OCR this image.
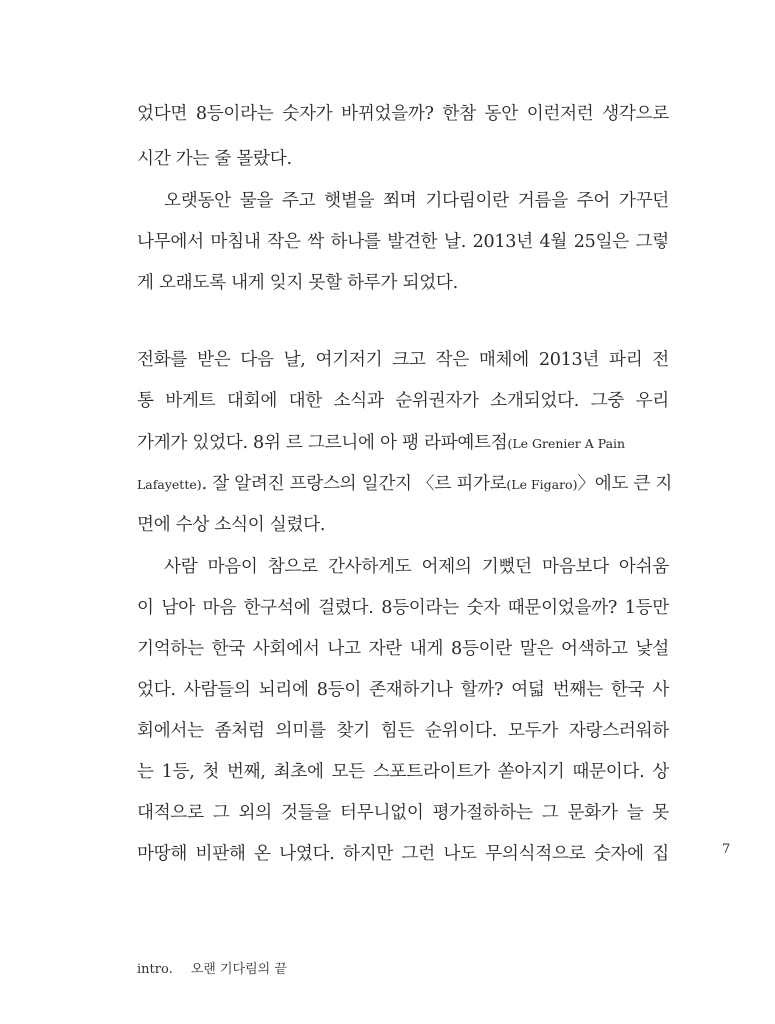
었다면 8등이라는 숫자가 바뀌었을까? 한참 동안 이런저런 생각으로
시간 가는 줄 몰랐다.
오랫동안 물을 주고 햇볕을 쬐며 기다림이란 거름을 주어 가꾸던
나무에서 마침내 작은 싹 하나를 발견한 날. 2013년 4월 25일은 그렇
게 오래도록 내게 잊지 못할 하루가 되었다.
전화를 받은 다음 날, 여기저기 크고 작은 매체에 2013년 파리 전
통 바게트 대회에 대한 소식과 순위권자가 소개되었다. 그중 우리
가게가 있었다. 8위 르 그르니에 아 팽 라파예트점(Le Grenier A Pain
Lafayette). 잘 알려진 프랑스의 일간지 〈르 피가로(Le Figaro)〉에도 큰 지
면에 수상 소식이 실렸다.
사람 마음이 참으로 간사하게도 어제의 기뻤던 마음보다 아쉬움
이 남아 마음 한구석에 걸렸다. 8등이라는 숫자 때문이었을까? 1등만
기억하는 한국 사회에서 나고 자란 내게 8등이란 말은 어색하고 낯설
었다. 사람들의 뇌리에 8등이 존재하기나 할까? 여덟 번째는 한국 사
회에서는 좀처럼 의미를 찾기 힘든 순위이다. 모두가 자랑스러워하
는 1등, 첫 번째, 최초에 모든 스포트라이트가 쏟아지기 때문이다. 상
대적으로 그 외의 것들을 터무니없이 평가절하하는 그 문화가 늘 못
마땅해 비판해 온 나였다. 하지만 그런 나도 무의식적으로 숫자에 집	7
intro. 오랜 기다림의 끝
